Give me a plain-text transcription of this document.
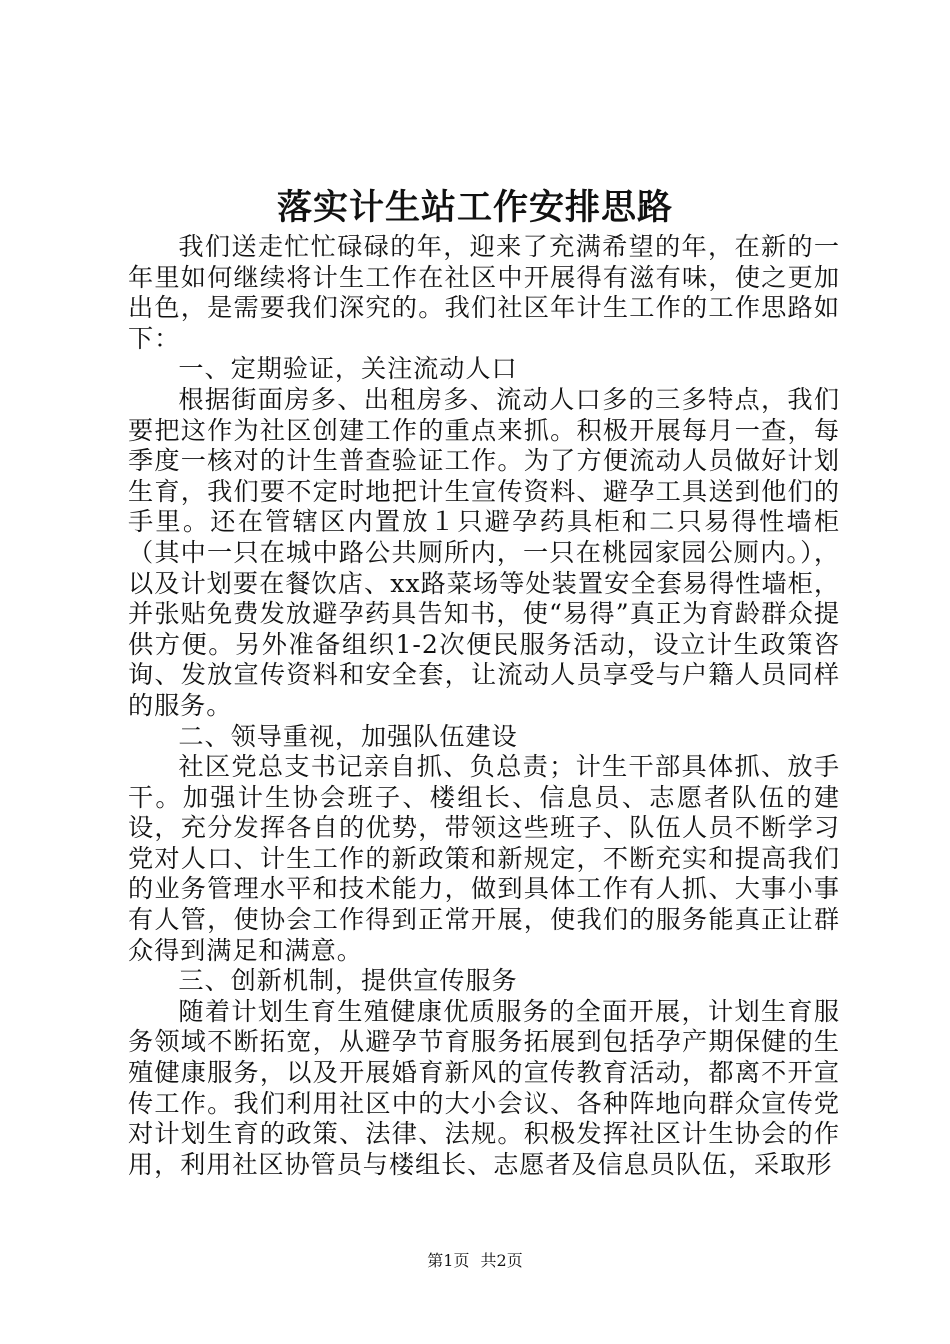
落实计生站工作安排思路

我们送走忙忙碌碌的年，迎来了充满希望的年，在新的一年里如何继续将计生工作在社区中开展得有滋有味，使之更加出色，是需要我们深究的。我们社区年计生工作的工作思路如下：

一、定期验证，关注流动人口

根据街面房多、出租房多、流动人口多的三多特点，我们要把这作为社区创建工作的重点来抓。积极开展每月一查，每季度一核对的计生普查验证工作。为了方便流动人员做好计划生育，我们要不定时地把计生宣传资料、避孕工具送到他们的手里。还在管辖区内置放１只避孕药具柜和二只易得性墙柜（其中一只在城中路公共厕所内，一只在桃园家园公厕内。），以及计划要在餐饮店、xx路菜场等处装置安全套易得性墙柜，并张贴免费发放避孕药具告知书，使“易得”真正为育龄群众提供方便。另外准备组织1-2次便民服务活动，设立计生政策咨询、发放宣传资料和安全套，让流动人员享受与户籍人员同样的服务。

二、领导重视，加强队伍建设

社区党总支书记亲自抓、负总责；计生干部具体抓、放手干。加强计生协会班子、楼组长、信息员、志愿者队伍的建设，充分发挥各自的优势，带领这些班子、队伍人员不断学习党对人口、计生工作的新政策和新规定，不断充实和提高我们的业务管理水平和技术能力，做到具体工作有人抓、大事小事有人管，使协会工作得到正常开展，使我们的服务能真正让群众得到满足和满意。

三、创新机制，提供宣传服务

随着计划生育生殖健康优质服务的全面开展，计划生育服务领域不断拓宽，从避孕节育服务拓展到包括孕产期保健的生殖健康服务，以及开展婚育新风的宣传教育活动，都离不开宣传工作。我们利用社区中的大小会议、各种阵地向群众宣传党对计划生育的政策、法律、法规。积极发挥社区计生协会的作用，利用社区协管员与楼组长、志愿者及信息员队伍，采取形

第1页 共2页
